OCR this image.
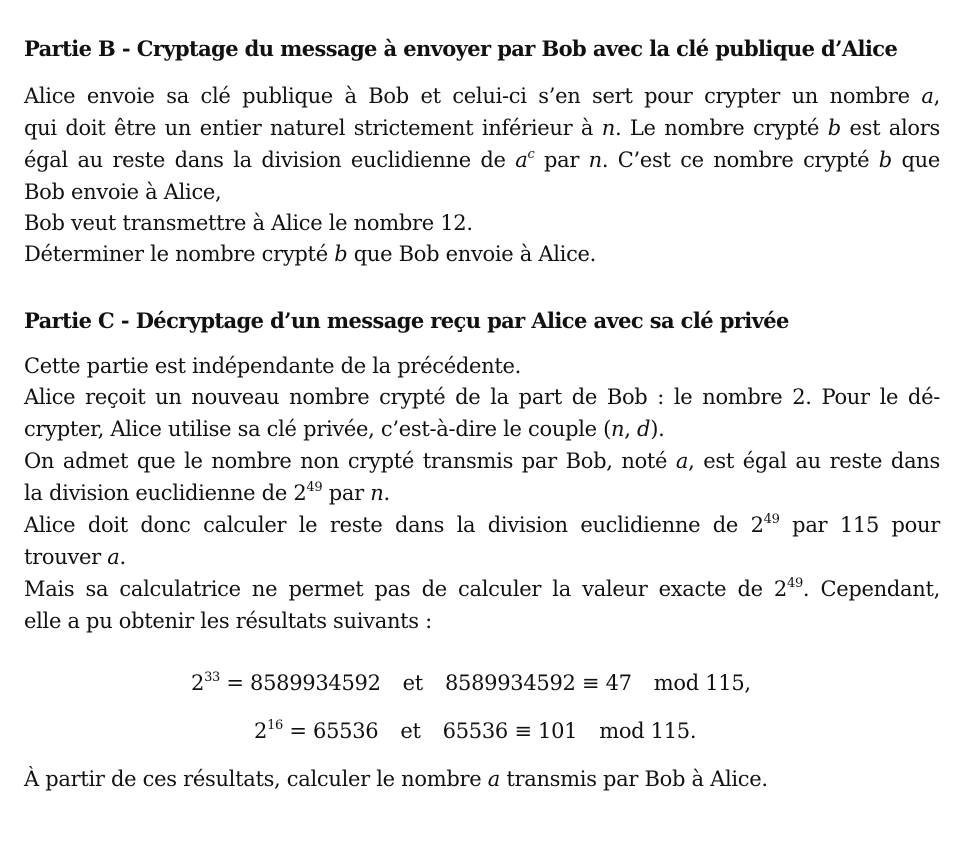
Partie B - Cryptage du message à envoyer par Bob avec la clé publique d’Alice
Alice envoie sa clé publique à Bob et celui-ci s’en sert pour crypter un nombre a,
qui doit être un entier naturel strictement inférieur à n. Le nombre crypté b est alors
égal au reste dans la division euclidienne de $a^c$ par n. C’est ce nombre crypté b que
Bob envoie à Alice,
Bob veut transmettre à Alice le nombre 12.
Déterminer le nombre crypté b que Bob envoie à Alice.
Partie C - Décryptage d’un message reçu par Alice avec sa clé privée
Cette partie est indépendante de la précédente.
Alice reçoit un nouveau nombre crypté de la part de Bob : le nombre 2. Pour le dé-
crypter, Alice utilise sa clé privée, c’est-à-dire le couple (n, d).
On admet que le nombre non crypté transmis par Bob, noté a, est égal au reste dans
la division euclidienne de $2^{49}$ par n.
Alice doit donc calculer le reste dans la division euclidienne de $2^{49}$ par 115 pour
trouver a.
Mais sa calculatrice ne permet pas de calculer la valeur exacte de $2^{49}$. Cependant,
elle a pu obtenir les résultats suivants :
$2^{33} = 8589934592$ et 8589934592 ≡ 47 mod 115,
$2^{16} = 65536$ et 65536 ≡ 101 mod 115.
À partir de ces résultats, calculer le nombre a transmis par Bob à Alice.
